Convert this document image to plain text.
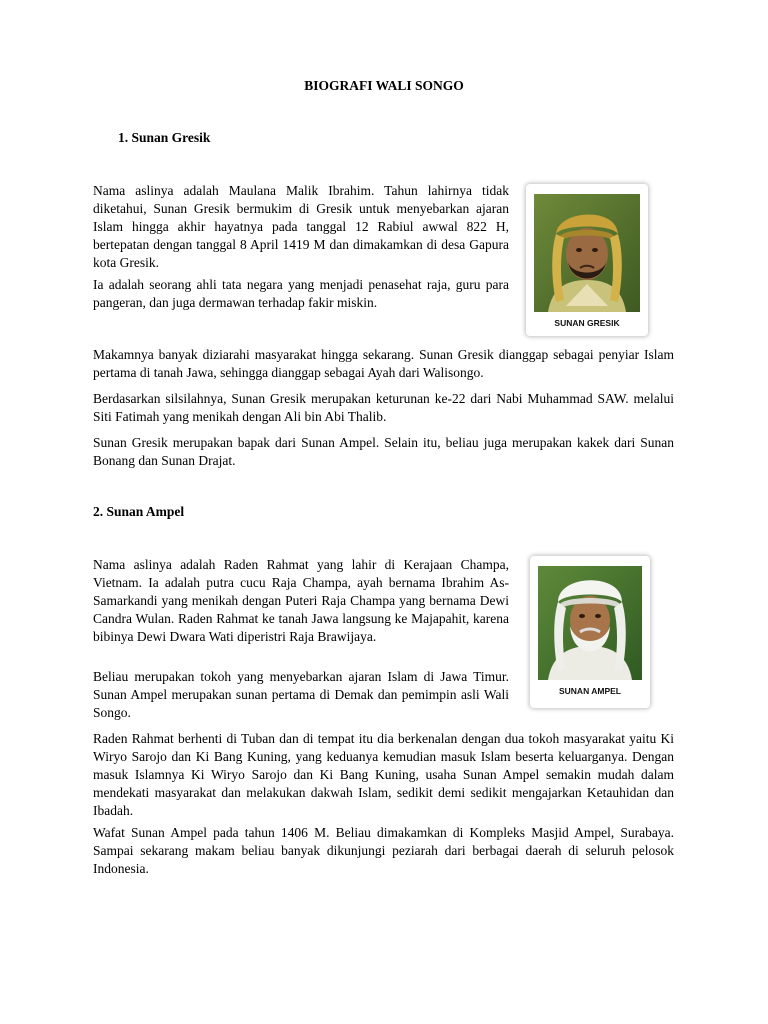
BIOGRAFI WALI SONGO
1. Sunan Gresik

Nama aslinya adalah Maulana Malik Ibrahim. Tahun lahirnya tidak diketahui, Sunan Gresik bermukim di Gresik untuk menyebarkan ajaran Islam hingga akhir hayatnya pada tanggal 12 Rabiul awwal 822 H, bertepatan dengan tanggal 8 April 1419 M dan dimakamkan di desa Gapura kota Gresik.

Ia adalah seorang ahli tata negara yang menjadi penasehat raja, guru para pangeran, dan juga dermawan terhadap fakir miskin.

SUNAN GRESIK

Makamnya banyak diziarahi masyarakat hingga sekarang. Sunan Gresik dianggap sebagai penyiar Islam pertama di tanah Jawa, sehingga dianggap sebagai Ayah dari Walisongo.

Berdasarkan silsilahnya, Sunan Gresik merupakan keturunan ke-22 dari Nabi Muhammad SAW. melalui Siti Fatimah yang menikah dengan Ali bin Abi Thalib.

Sunan Gresik merupakan bapak dari Sunan Ampel. Selain itu, beliau juga merupakan kakek dari Sunan Bonang dan Sunan Drajat.

2. Sunan Ampel

Nama aslinya adalah Raden Rahmat yang lahir di Kerajaan Champa, Vietnam. Ia adalah putra cucu Raja Champa, ayah bernama Ibrahim As-Samarkandi yang menikah dengan Puteri Raja Champa yang bernama Dewi Candra Wulan. Raden Rahmat ke tanah Jawa langsung ke Majapahit, karena bibinya Dewi Dwara Wati diperistri Raja Brawijaya.

Beliau merupakan tokoh yang menyebarkan ajaran Islam di Jawa Timur. Sunan Ampel merupakan sunan pertama di Demak dan pemimpin asli Wali Songo.

SUNAN AMPEL

Raden Rahmat berhenti di Tuban dan di tempat itu dia berkenalan dengan dua tokoh masyarakat yaitu Ki Wiryo Sarojo dan Ki Bang Kuning, yang keduanya kemudian masuk Islam beserta keluarganya. Dengan masuk Islamnya Ki Wiryo Sarojo dan Ki Bang Kuning, usaha Sunan Ampel semakin mudah dalam mendekati masyarakat dan melakukan dakwah Islam, sedikit demi sedikit mengajarkan Ketauhidan dan Ibadah.

Wafat Sunan Ampel pada tahun 1406 M. Beliau dimakamkan di Kompleks Masjid Ampel, Surabaya. Sampai sekarang makam beliau banyak dikunjungi peziarah dari berbagai daerah di seluruh pelosok Indonesia.
